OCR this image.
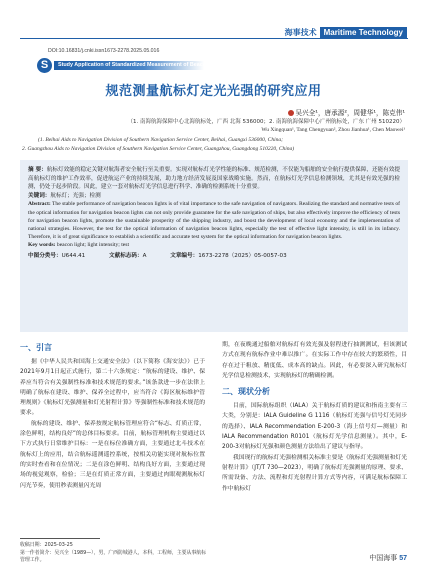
海事技术 Maritime Technology
DOI:10.16831/j.cnki.issn1673-2278.2025.05.016
S	Study Application of Standardized Measurement of Beacon Light Intensity
规范测量航标灯定光光强的研究应用
吴兴全¹，唐承源²，周健华¹，陈克伟¹
（1. 南海航海保障中心北海航标处，广西 北海 536000；2. 南海航海保障中心广州航标处，广东 广州 510220）
Wu Xingquan¹, Tang Chengyuan², Zhou Jianhua¹, Chen Maowei¹
(1. Beihai Aids to Navigation Division of Southern Navigation Service Center, Beihai, Guangxi 536000, China;
2. Guangzhou Aids to Navigation Division of Southern Navigation Service Center, Guangzhou, Guangdong 510220, China)

摘 要：航标灯效能的稳定关键对航海者安全航行至关重要。实现对航标灯光学性能的标准、规范检测，不仅能为船舶的安全航行提供保障，还能有效提高航标灯的维护工作效率，促进航运产业的持续发展，助力地方经济发展及国家战略实施。然而，在航标灯光学信息检测领域，尤其是有效光强的检测，仍处于起步阶段。因此，建立一套对航标灯光学信息进行科学、准确的检测系统十分重要。

关键词：航标灯；光强；检测

Abstract: The stable performance of navigation beacon lights is of vital importance to the safe navigation of navigators. Realizing the standard and normative tests of the optical information for navigation beacon lights can not only provide guarantee for the safe navigation of ships, but also effectively improve the efficiency of tests for navigation beacon lights, promote the sustainable prosperity of the shipping industry, and boost the development of local economy and the implementation of national strategies. However, the test for the optical information of navigation beacon lights, especially the test of effective light intensity, is still in its infancy. Therefore, it is of great significance to establish a scientific and accurate test system for the optical information for navigation beacon lights.

Key words: beacon light; light intensity; test

中图分类号：U644.41	文献标志码：A	文章编号：1673-2278（2025）05-0057-03
一、引言

据《中华人民共和国海上交通安全法》（以下简称《海安法》）已于2021年9月1日起正式施行，第二十六条规定：“航标的建设、维护、保养应当符合有关强制性标准和技术规范的要求。”该条款进一步在法律上明确了航标在建设、维护、保养全过程中，应当符合《海区航标维护管理规则》《航标灯光强测量和灯光射程计算》等强制性标准和技术规范的要求。

航标的建设、维护、保养按规定航标管理应符合“标志、灯质正常，涂色鲜明，结构良好”的总体目标要求。目前，航标管理机构主要通过以下方式执行日常维护目标：一是在标位准确方面，主要通过北斗技术在航标灯上的应用，结合航标遥测遥控系统，按相关功能实现对航标位置的实时查看和在位情况；二是在涂色鲜明、结构良好方面，主要通过现场的视觉观察，检验；三是在灯质正常方面，主要通过肉眼观测航标灯闪光节奏，使用秒表测量闪光周

期，在夜晚通过船舶对航标灯有效光强及射程进行抽测测试，但该测试方式在现有航标作业中难以推广。在实际工作中存在较大的繁琐性，目存在过于粗放、精度低、成本高的缺点。因此，有必要深入研究航标灯光学信息检测技术，实现航标灯的精确检测。

二、现状分析

目前，国际航标组织（IALA）关于航标灯质的建议和指南主要有三大类，分别是：IALA Guideline G 1116（航标灯光强与信号灯光同步的选择）、IALA Recommendation E-200-3（海上信号灯—测量）和IALA Recommendation R0101（航标灯光学信息测量）。其中，E-200-3对航标灯光强和颜色测量方法给出了建议与指导。

我国现行的航标灯光强检测相关标准主要是《航标灯光强测量和灯光射程计算》（JT/T 730—2023），明确了航标灯光强测量的原理、要求、所需设备、方法、流程和灯光射程计算方式等内容，可满足航标保障工作中航标灯

收稿日期：2025-03-25
第一作者简介：吴兴全（1989—），男，广西防城港人，本科，工程师，主要从事航标管理工作。	中国海事 57
